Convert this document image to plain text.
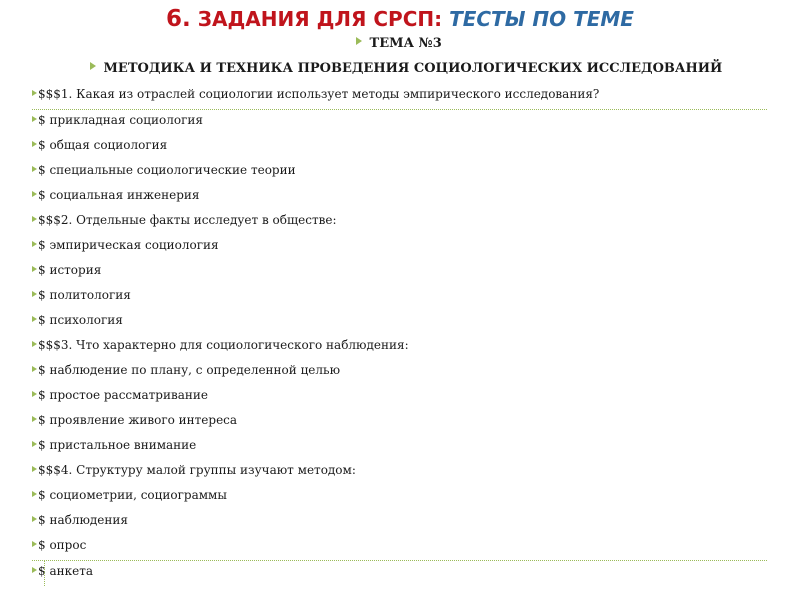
6. ЗАДАНИЯ ДЛЯ СРСП: ТЕСТЫ ПО ТЕМЕ
ТЕМА №3
МЕТОДИКА И ТЕХНИКА ПРОВЕДЕНИЯ СОЦИОЛОГИЧЕСКИХ ИССЛЕДОВАНИЙ
$$$1. Какая из отраслей социологии использует методы эмпирического исследования?
$ прикладная социология
$ общая социология
$ специальные социологические теории
$ социальная инженерия
$$$2. Отдельные факты исследует в обществе:
$ эмпирическая социология
$ история
$ политология
$ психология
$$$3. Что характерно для социологического наблюдения:
$ наблюдение по плану, с определенной целью
$ простое рассматривание
$ проявление живого интереса
$ пристальное внимание
$$$4. Структуру малой группы изучают методом:
$ социометрии, социограммы
$ наблюдения
$ опрос
$ анкета
